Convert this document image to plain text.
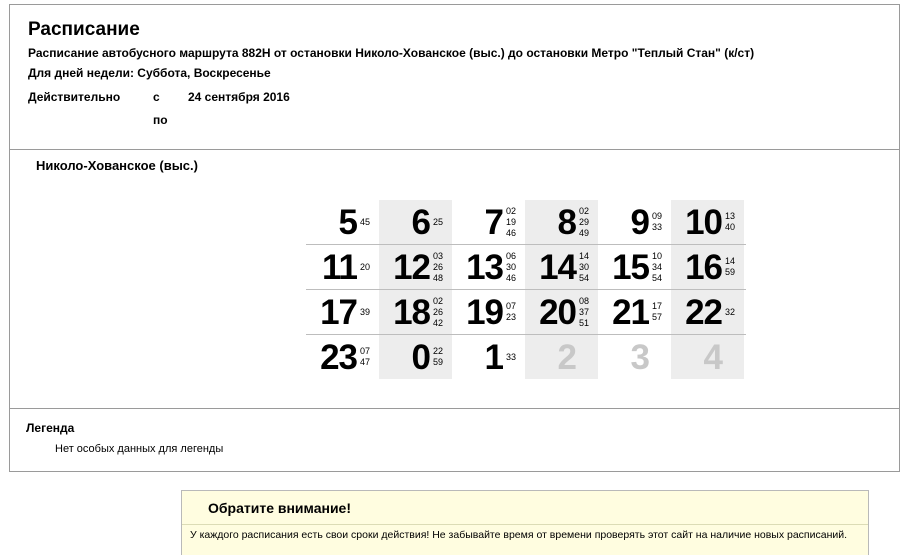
Расписание
Расписание автобусного маршрута 882Н от остановки Николо-Хованское (выс.) до остановки Метро "Теплый Стан" (к/ст)
Для дней недели: Суббота, Воскресенье
Действительно	с 24 сентября 2016
по
Николо-Хованское (выс.)
5 45 6 25 7 02
19
46 8 02
29
49 9 09
33 10 13
40
11 20 12 03
26
48 13 06
30
46 14 14
30
54 15 10
34
54 16 14
59
17 39 18 02
26
42 19 07
23 20 08
37
51 21 17
57 22 32
23 07
47 0 22
59 1 33 2 3 4
Легенда
Нет особых данных для легенды
Обратите внимание!
У каждого расписания есть свои сроки действия! Не забывайте время от времени проверять этот сайт на наличие новых расписаний.
